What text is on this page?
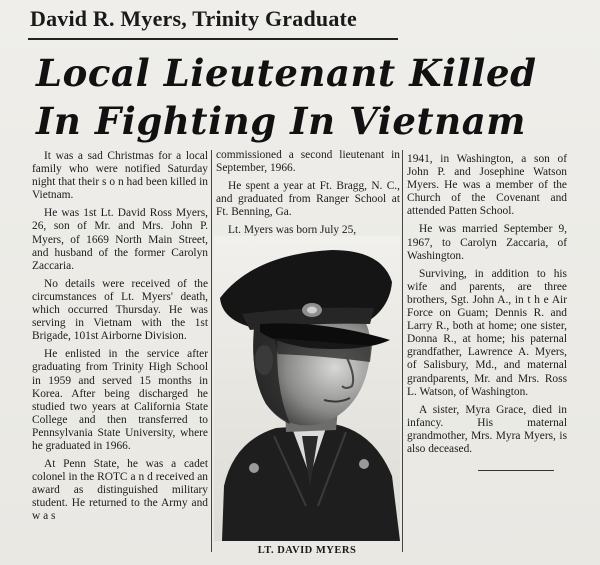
David R. Myers, Trinity Graduate
Local Lieutenant Killed
In Fighting In Vietnam

It was a sad Christmas for a local family who were notified Saturday night that their s o n had been killed in Vietnam.

He was 1st Lt. David Ross Myers, 26, son of Mr. and Mrs. John P. Myers, of 1669 North Main Street, and husband of the former Carolyn Zaccaria.

No details were received of the circumstances of Lt. Myers' death, which occurred Thursday. He was serving in Vietnam with the 1st Brigade, 101st Airborne Division.

He enlisted in the service after graduating from Trinity High School in 1959 and served 15 months in Korea. After being discharged he studied two years at California State College and then transferred to Pennsylvania State University, where he graduated in 1966.

At Penn State, he was a cadet colonel in the ROTC a n d received an award as distinguished military student. He returned to the Army and w a s

commissioned a second lieutenant in September, 1966.

He spent a year at Ft. Bragg, N. C., and graduated from Ranger School at Ft. Benning, Ga.

Lt. Myers was born July 25,

LT. DAVID MYERS

1941, in Washington, a son of John P. and Josephine Watson Myers. He was a member of the Church of the Covenant and attended Patten School.

He was married September 9, 1967, to Carolyn Zaccaria, of Washington.

Surviving, in addition to his wife and parents, are three brothers, Sgt. John A., in t h e Air Force on Guam; Dennis R. and Larry R., both at home; one sister, Donna R., at home; his paternal grandfather, Lawrence A. Myers, of Salisbury, Md., and maternal grandparents, Mr. and Mrs. Ross L. Watson, of Washington.

A sister, Myra Grace, died in infancy. His maternal grandmother, Mrs. Myra Myers, is also deceased.
